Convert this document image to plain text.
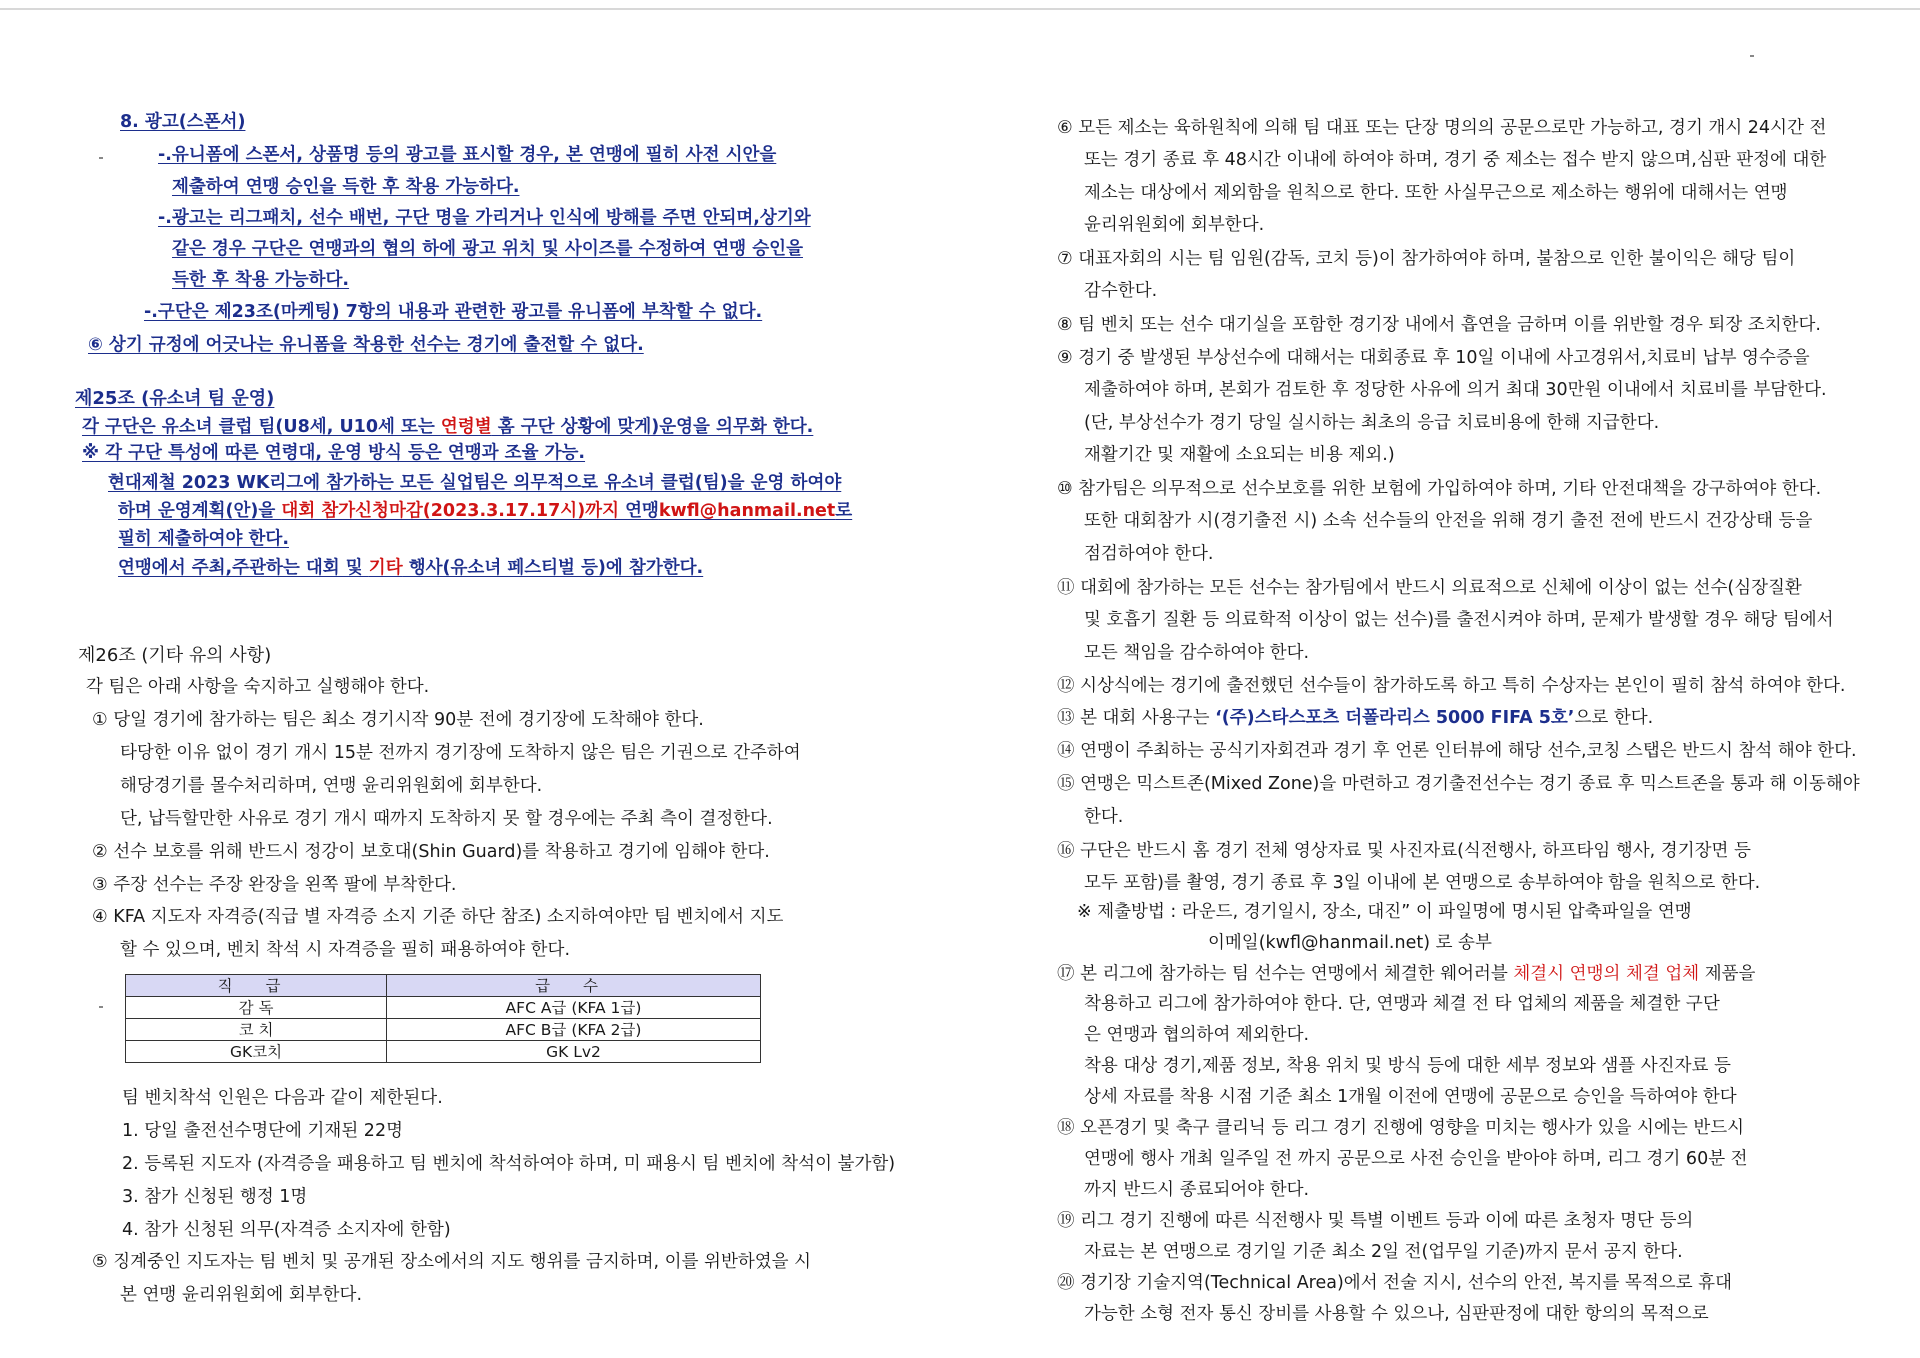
8. 광고(스폰서)
-.유니폼에 스폰서, 상품명 등의 광고를 표시할 경우, 본 연맹에 필히 사전 시안을
제출하여 연맹 승인을 득한 후 착용 가능하다.
-.광고는 리그패치, 선수 배번, 구단 명을 가리거나 인식에 방해를 주면 안되며,상기와
같은 경우 구단은 연맹과의 협의 하에 광고 위치 및 사이즈를 수정하여 연맹 승인을
득한 후 착용 가능하다.
-.구단은 제23조(마케팅) 7항의 내용과 관련한 광고를 유니폼에 부착할 수 없다.
⑥ 상기 규정에 어긋나는 유니폼을 착용한 선수는 경기에 출전할 수 없다.
제25조 (유소녀 팀 운영)
각 구단은 유소녀 클럽 팀(U8세, U10세 또는 연령별 홈 구단 상황에 맞게)운영을 의무화 한다.
※ 각 구단 특성에 따른 연령대, 운영 방식 등은 연맹과 조율 가능.
현대제철 2023 WK리그에 참가하는 모든 실업팀은 의무적으로 유소녀 클럽(팀)을 운영 하여야
하며 운영계획(안)을 대회 참가신청마감(2023.3.17.17시)까지 연맹kwfl@hanmail.net로
필히 제출하여야 한다.
연맹에서 주최,주관하는 대회 및 기타 행사(유소녀 페스티벌 등)에 참가한다.
제26조 (기타 유의 사항)
각 팀은 아래 사항을 숙지하고 실행해야 한다.
① 당일 경기에 참가하는 팀은 최소 경기시작 90분 전에 경기장에 도착해야 한다.
타당한 이유 없이 경기 개시 15분 전까지 경기장에 도착하지 않은 팀은 기권으로 간주하여
해당경기를 몰수처리하며, 연맹 윤리위원회에 회부한다.
단, 납득할만한 사유로 경기 개시 때까지 도착하지 못 할 경우에는 주최 측이 결정한다.
② 선수 보호를 위해 반드시 정강이 보호대(Shin Guard)를 착용하고 경기에 임해야 한다.
③ 주장 선수는 주장 완장을 왼쪽 팔에 부착한다.
④ KFA 지도자 자격증(직급 별 자격증 소지 기준 하단 참조) 소지하여야만 팀 벤치에서 지도
할 수 있으며, 벤치 착석 시 자격증을 필히 패용하여야 한다.
직 급	급 수
감 독	AFC A급 (KFA 1급)
코 치	AFC B급 (KFA 2급)
GK코치	GK Lv2
팀 벤치착석 인원은 다음과 같이 제한된다.
1. 당일 출전선수명단에 기재된 22명
2. 등록된 지도자 (자격증을 패용하고 팀 벤치에 착석하여야 하며, 미 패용시 팀 벤치에 착석이 불가함)
3. 참가 신청된 행정 1명
4. 참가 신청된 의무(자격증 소지자에 한함)
⑤ 징계중인 지도자는 팀 벤치 및 공개된 장소에서의 지도 행위를 금지하며, 이를 위반하였을 시
본 연맹 윤리위원회에 회부한다.
⑥ 모든 제소는 육하원칙에 의해 팀 대표 또는 단장 명의의 공문으로만 가능하고, 경기 개시 24시간 전
또는 경기 종료 후 48시간 이내에 하여야 하며, 경기 중 제소는 접수 받지 않으며,심판 판정에 대한
제소는 대상에서 제외함을 원칙으로 한다. 또한 사실무근으로 제소하는 행위에 대해서는 연맹
윤리위원회에 회부한다.
⑦ 대표자회의 시는 팀 임원(감독, 코치 등)이 참가하여야 하며, 불참으로 인한 불이익은 해당 팀이
감수한다.
⑧ 팀 벤치 또는 선수 대기실을 포함한 경기장 내에서 흡연을 금하며 이를 위반할 경우 퇴장 조치한다.
⑨ 경기 중 발생된 부상선수에 대해서는 대회종료 후 10일 이내에 사고경위서,치료비 납부 영수증을
제출하여야 하며, 본회가 검토한 후 정당한 사유에 의거 최대 30만원 이내에서 치료비를 부담한다.
(단, 부상선수가 경기 당일 실시하는 최초의 응급 치료비용에 한해 지급한다.
재활기간 및 재활에 소요되는 비용 제외.)
⑩ 참가팀은 의무적으로 선수보호를 위한 보험에 가입하여야 하며, 기타 안전대책을 강구하여야 한다.
또한 대회참가 시(경기출전 시) 소속 선수들의 안전을 위해 경기 출전 전에 반드시 건강상태 등을
점검하여야 한다.
⑪ 대회에 참가하는 모든 선수는 참가팀에서 반드시 의료적으로 신체에 이상이 없는 선수(심장질환
및 호흡기 질환 등 의료학적 이상이 없는 선수)를 출전시켜야 하며, 문제가 발생할 경우 해당 팀에서
모든 책임을 감수하여야 한다.
⑫ 시상식에는 경기에 출전했던 선수들이 참가하도록 하고 특히 수상자는 본인이 필히 참석 하여야 한다.
⑬ 본 대회 사용구는 ‘(주)스타스포츠 더폴라리스 5000 FIFA 5호’으로 한다.
⑭ 연맹이 주최하는 공식기자회견과 경기 후 언론 인터뷰에 해당 선수,코칭 스탭은 반드시 참석 해야 한다.
⑮ 연맹은 믹스트존(Mixed Zone)을 마련하고 경기출전선수는 경기 종료 후 믹스트존을 통과 해 이동해야
한다.
⑯ 구단은 반드시 홈 경기 전체 영상자료 및 사진자료(식전행사, 하프타임 행사, 경기장면 등
모두 포함)를 촬영, 경기 종료 후 3일 이내에 본 연맹으로 송부하여야 함을 원칙으로 한다.
※ 제출방법 : 라운드, 경기일시, 장소, 대진” 이 파일명에 명시된 압축파일을 연맹
이메일(kwfl@hanmail.net) 로 송부
⑰ 본 리그에 참가하는 팀 선수는 연맹에서 체결한 웨어러블 체결시 연맹의 체결 업체 제품을
착용하고 리그에 참가하여야 한다. 단, 연맹과 체결 전 타 업체의 제품을 체결한 구단
은 연맹과 협의하여 제외한다.
착용 대상 경기,제품 정보, 착용 위치 및 방식 등에 대한 세부 정보와 샘플 사진자료 등
상세 자료를 착용 시점 기준 최소 1개월 이전에 연맹에 공문으로 승인을 득하여야 한다
⑱ 오픈경기 및 축구 클리닉 등 리그 경기 진행에 영향을 미치는 행사가 있을 시에는 반드시
연맹에 행사 개최 일주일 전 까지 공문으로 사전 승인을 받아야 하며, 리그 경기 60분 전
까지 반드시 종료되어야 한다.
⑲ 리그 경기 진행에 따른 식전행사 및 특별 이벤트 등과 이에 따른 초청자 명단 등의
자료는 본 연맹으로 경기일 기준 최소 2일 전(업무일 기준)까지 문서 공지 한다.
⑳ 경기장 기술지역(Technical Area)에서 전술 지시, 선수의 안전, 복지를 목적으로 휴대
가능한 소형 전자 통신 장비를 사용할 수 있으나, 심판판정에 대한 항의의 목적으로
